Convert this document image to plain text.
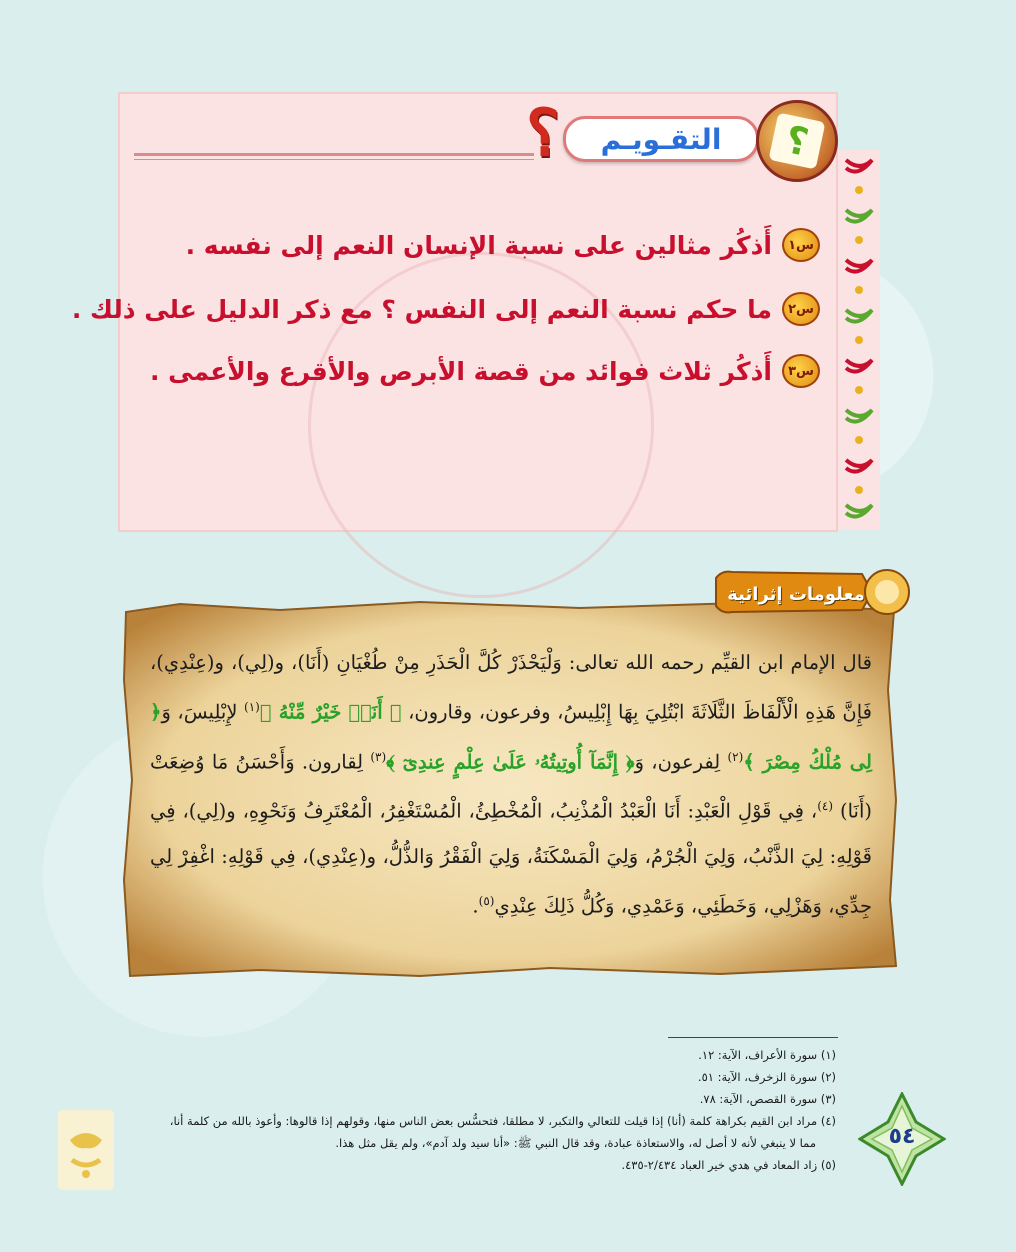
؟ التقـويـم	؟
س١
أَذكُر مثالين على نسبة الإنسان النعم إلى نفسه .
س٢
ما حكم نسبة النعم إلى النفس ؟ مع ذكر الدليل على ذلك .
س٣
أَذكُر ثلاث فوائد من قصة الأبرص والأقرع والأعمى .
معلومات إثرائية
قال الإمام ابن القيِّم رحمه الله تعالى: وَلْيَحْذَرْ كُلَّ الْحَذَرِ مِنْ طُغْيَانِ (أَنَا)، و(لِي)، و(عِنْدِي)، فَإِنَّ هَذِهِ الْأَلْفَاظَ الثَّلَاثَةَ ابْتُلِيَ بِهَا إِبْلِيسُ، وفرعون، وقارون، ﴿ أَنَا۠ خَيْرٌ مِّنْهُ ﴾$^{(١)}$ لإِبْلِيسَ، وَ﴿ لِى مُلْكُ مِصْرَ ﴾$^{(٢)}$ لِفرعون، وَ﴿ إِنَّمَآ أُوتِيتُهُۥ عَلَىٰ عِلْمٍ عِندِىٓ ﴾$^{(٣)}$ لِقارون. وَأَحْسَنُ مَا وُضِعَتْ (أَنَا) $^{(٤)}$، فِي قَوْلِ الْعَبْدِ: أَنَا الْعَبْدُ الْمُذْنِبُ، الْمُخْطِئُ، الْمُسْتَغْفِرُ، الْمُعْتَرِفُ وَنَحْوِهِ، و(لِي)، فِي قَوْلِهِ: لِيَ الذَّنْبُ، وَلِيَ الْجُرْمُ، وَلِيَ الْمَسْكَنَةُ، وَلِيَ الْفَقْرُ وَالذُّلُّ، و(عِنْدِي)، فِي قَوْلِهِ: اغْفِرْ لِي جِدِّي، وَهَزْلِي، وَخَطَئِي، وَعَمْدِي، وَكُلُّ ذَلِكَ عِنْدِي$^{(٥)}$.
(١) سورة الأعراف، الآية: ١٢.
(٢) سورة الزخرف، الآية: ٥١.
(٣) سورة القصص، الآية: ٧٨.
(٤) مراد ابن القيم بكراهة كلمة (أنا) إذا قيلت للتعالي والتكبر، لا مطلقا، فتحسُّس بعض الناس منها، وقولهم إذا قالوها: وأعوذ بالله من كلمة أنا،
مما لا ينبغي لأنه لا أصل له، والاستعاذة عبادة، وقد قال النبي ﷺ: «أنا سيد ولد آدم»، ولم يقل مثل هذا.
(٥) زاد المعاد في هدي خير العباد ٢/٤٣٤-٤٣٥.
٥٤
